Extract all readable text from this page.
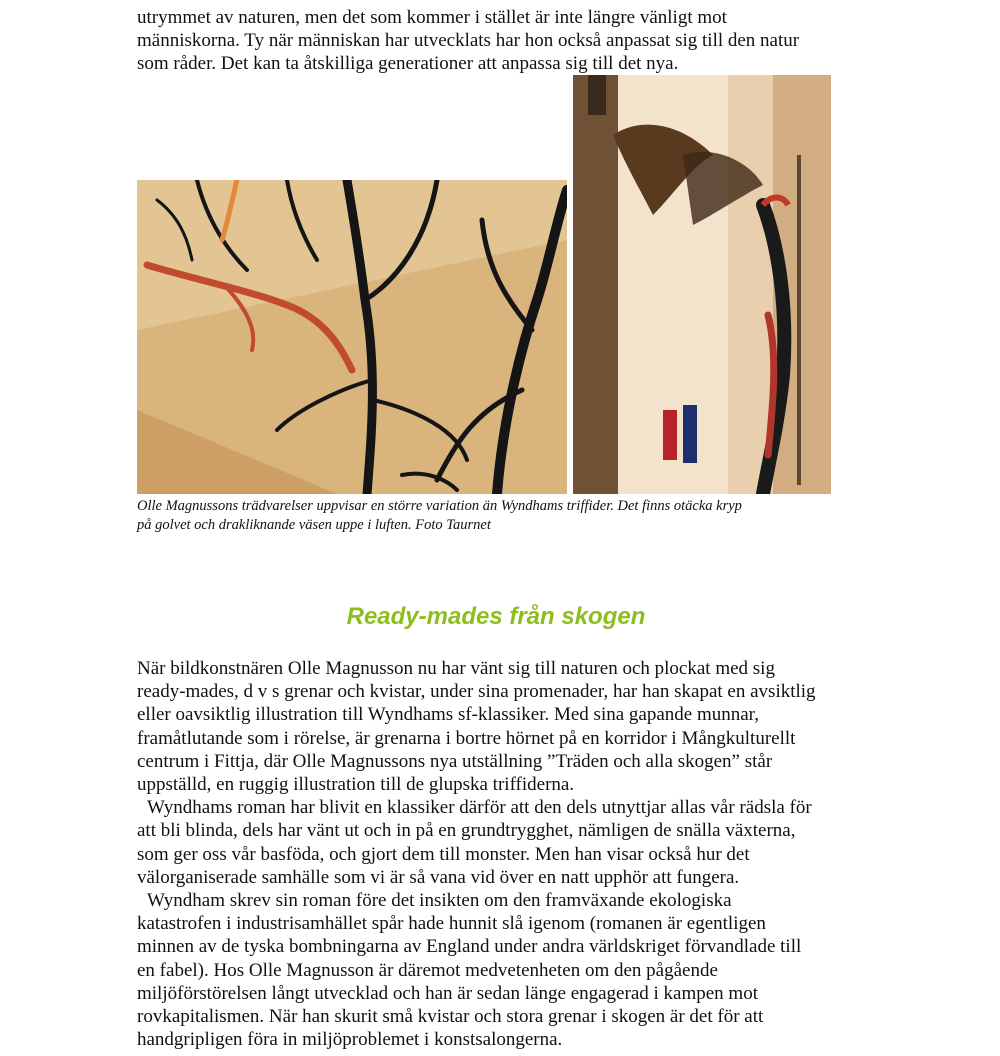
utrymmet av naturen, men det som kommer i stället är inte längre vänligt mot
människorna. Ty när människan har utvecklats har hon också anpassat sig till den natur
som råder. Det kan ta åtskilliga generationer att anpassa sig till det nya.

Olle Magnussons trädvarelser uppvisar en större variation än Wyndhams triffider. Det finns otäcka kryp
på golvet och drakliknande väsen uppe i luften. Foto Taurnet

Ready-mades från skogen

När bildkonstnären Olle Magnusson nu har vänt sig till naturen och plockat med sig
ready-mades, d v s grenar och kvistar, under sina promenader, har han skapat en avsiktlig
eller oavsiktlig illustration till Wyndhams sf-klassiker. Med sina gapande munnar,
framåtlutande som i rörelse, är grenarna i bortre hörnet på en korridor i Mångkulturellt
centrum i Fittja, där Olle Magnussons nya utställning ”Träden och alla skogen” står
uppställd, en ruggig illustration till de glupska triffiderna.
Wyndhams roman har blivit en klassiker därför att den dels utnyttjar allas vår rädsla för
att bli blinda, dels har vänt ut och in på en grundtrygghet, nämligen de snälla växterna,
som ger oss vår basföda, och gjort dem till monster. Men han visar också hur det
välorganiserade samhälle som vi är så vana vid över en natt upphör att fungera.
Wyndham skrev sin roman före det insikten om den framväxande ekologiska
katastrofen i industrisamhället spår hade hunnit slå igenom (romanen är egentligen
minnen av de tyska bombningarna av England under andra världskriget förvandlade till
en fabel). Hos Olle Magnusson är däremot medvetenheten om den pågående
miljöförstörelsen långt utvecklad och han är sedan länge engagerad i kampen mot
rovkapitalismen. När han skurit små kvistar och stora grenar i skogen är det för att
handgripligen föra in miljöproblemet i konstsalongerna.
